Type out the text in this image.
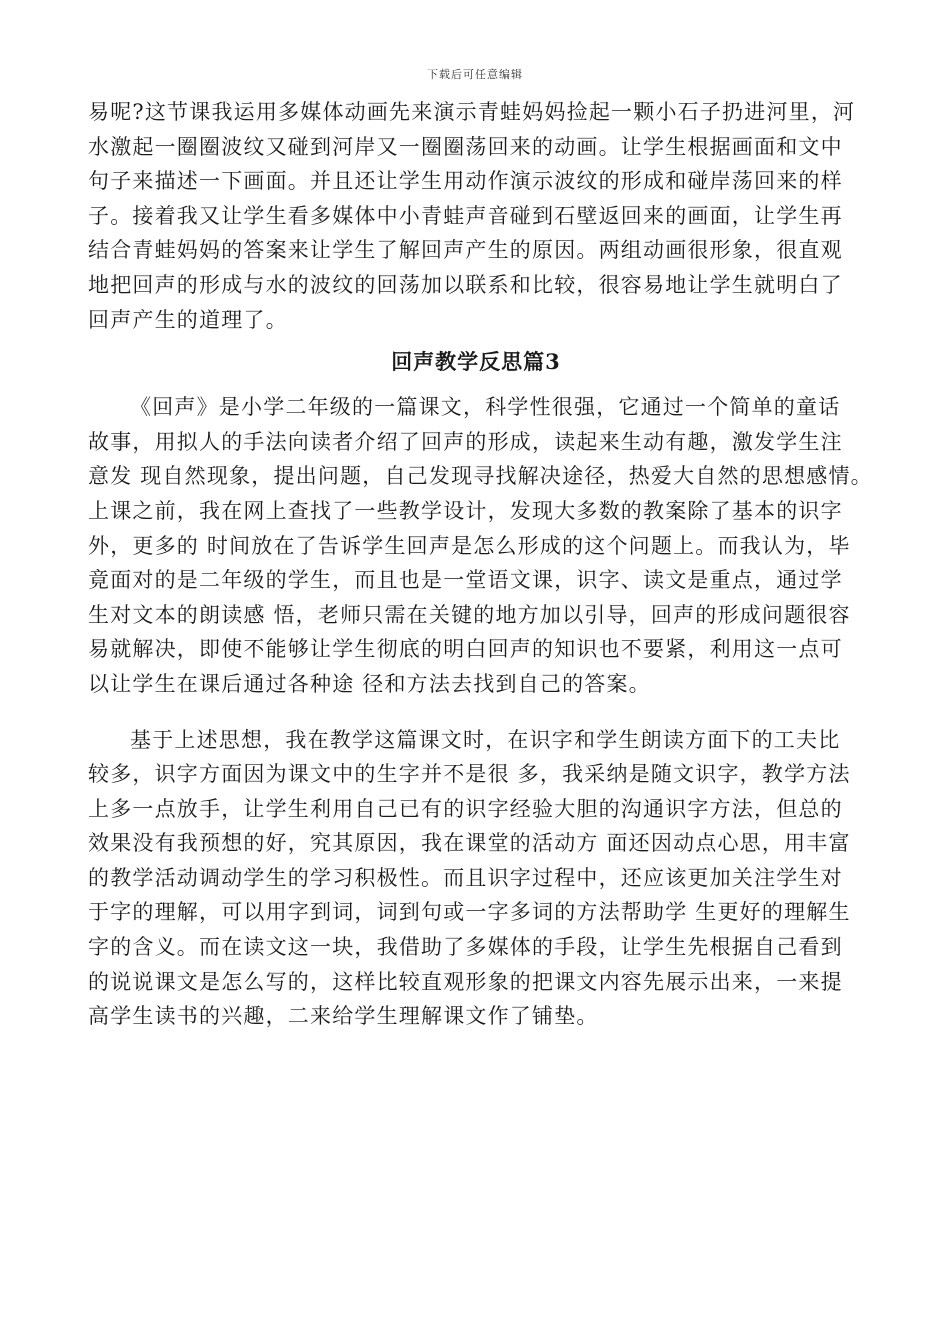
下载后可任意编辑
易呢?这节课我运用多媒体动画先来演示青蛙妈妈捡起一颗小石子扔进河里，河
水激起一圈圈波纹又碰到河岸又一圈圈荡回来的动画。让学生根据画面和文中
句子来描述一下画面。并且还让学生用动作演示波纹的形成和碰岸荡回来的样
子。接着我又让学生看多媒体中小青蛙声音碰到石壁返回来的画面，让学生再
结合青蛙妈妈的答案来让学生了解回声产生的原因。两组动画很形象，很直观
地把回声的形成与水的波纹的回荡加以联系和比较，很容易地让学生就明白了
回声产生的道理了。
回声教学反思篇3
《回声》是小学二年级的一篇课文，科学性很强，它通过一个简单的童话
故事，用拟人的手法向读者介绍了回声的形成，读起来生动有趣，激发学生注
意发 现自然现象，提出问题，自己发现寻找解决途径，热爱大自然的思想感情。
上课之前，我在网上查找了一些教学设计，发现大多数的教案除了基本的识字
外，更多的 时间放在了告诉学生回声是怎么形成的这个问题上。而我认为，毕
竟面对的是二年级的学生，而且也是一堂语文课，识字、读文是重点，通过学
生对文本的朗读感 悟，老师只需在关键的地方加以引导，回声的形成问题很容
易就解决，即使不能够让学生彻底的明白回声的知识也不要紧，利用这一点可
以让学生在课后通过各种途 径和方法去找到自己的答案。
基于上述思想，我在教学这篇课文时，在识字和学生朗读方面下的工夫比
较多，识字方面因为课文中的生字并不是很 多，我采纳是随文识字，教学方法
上多一点放手，让学生利用自己已有的识字经验大胆的沟通识字方法，但总的
效果没有我预想的好，究其原因，我在课堂的活动方 面还因动点心思，用丰富
的教学活动调动学生的学习积极性。而且识字过程中，还应该更加关注学生对
于字的理解，可以用字到词，词到句或一字多词的方法帮助学 生更好的理解生
字的含义。而在读文这一块，我借助了多媒体的手段，让学生先根据自己看到
的说说课文是怎么写的，这样比较直观形象的把课文内容先展示出来，一来提
高学生读书的兴趣，二来给学生理解课文作了铺垫。
